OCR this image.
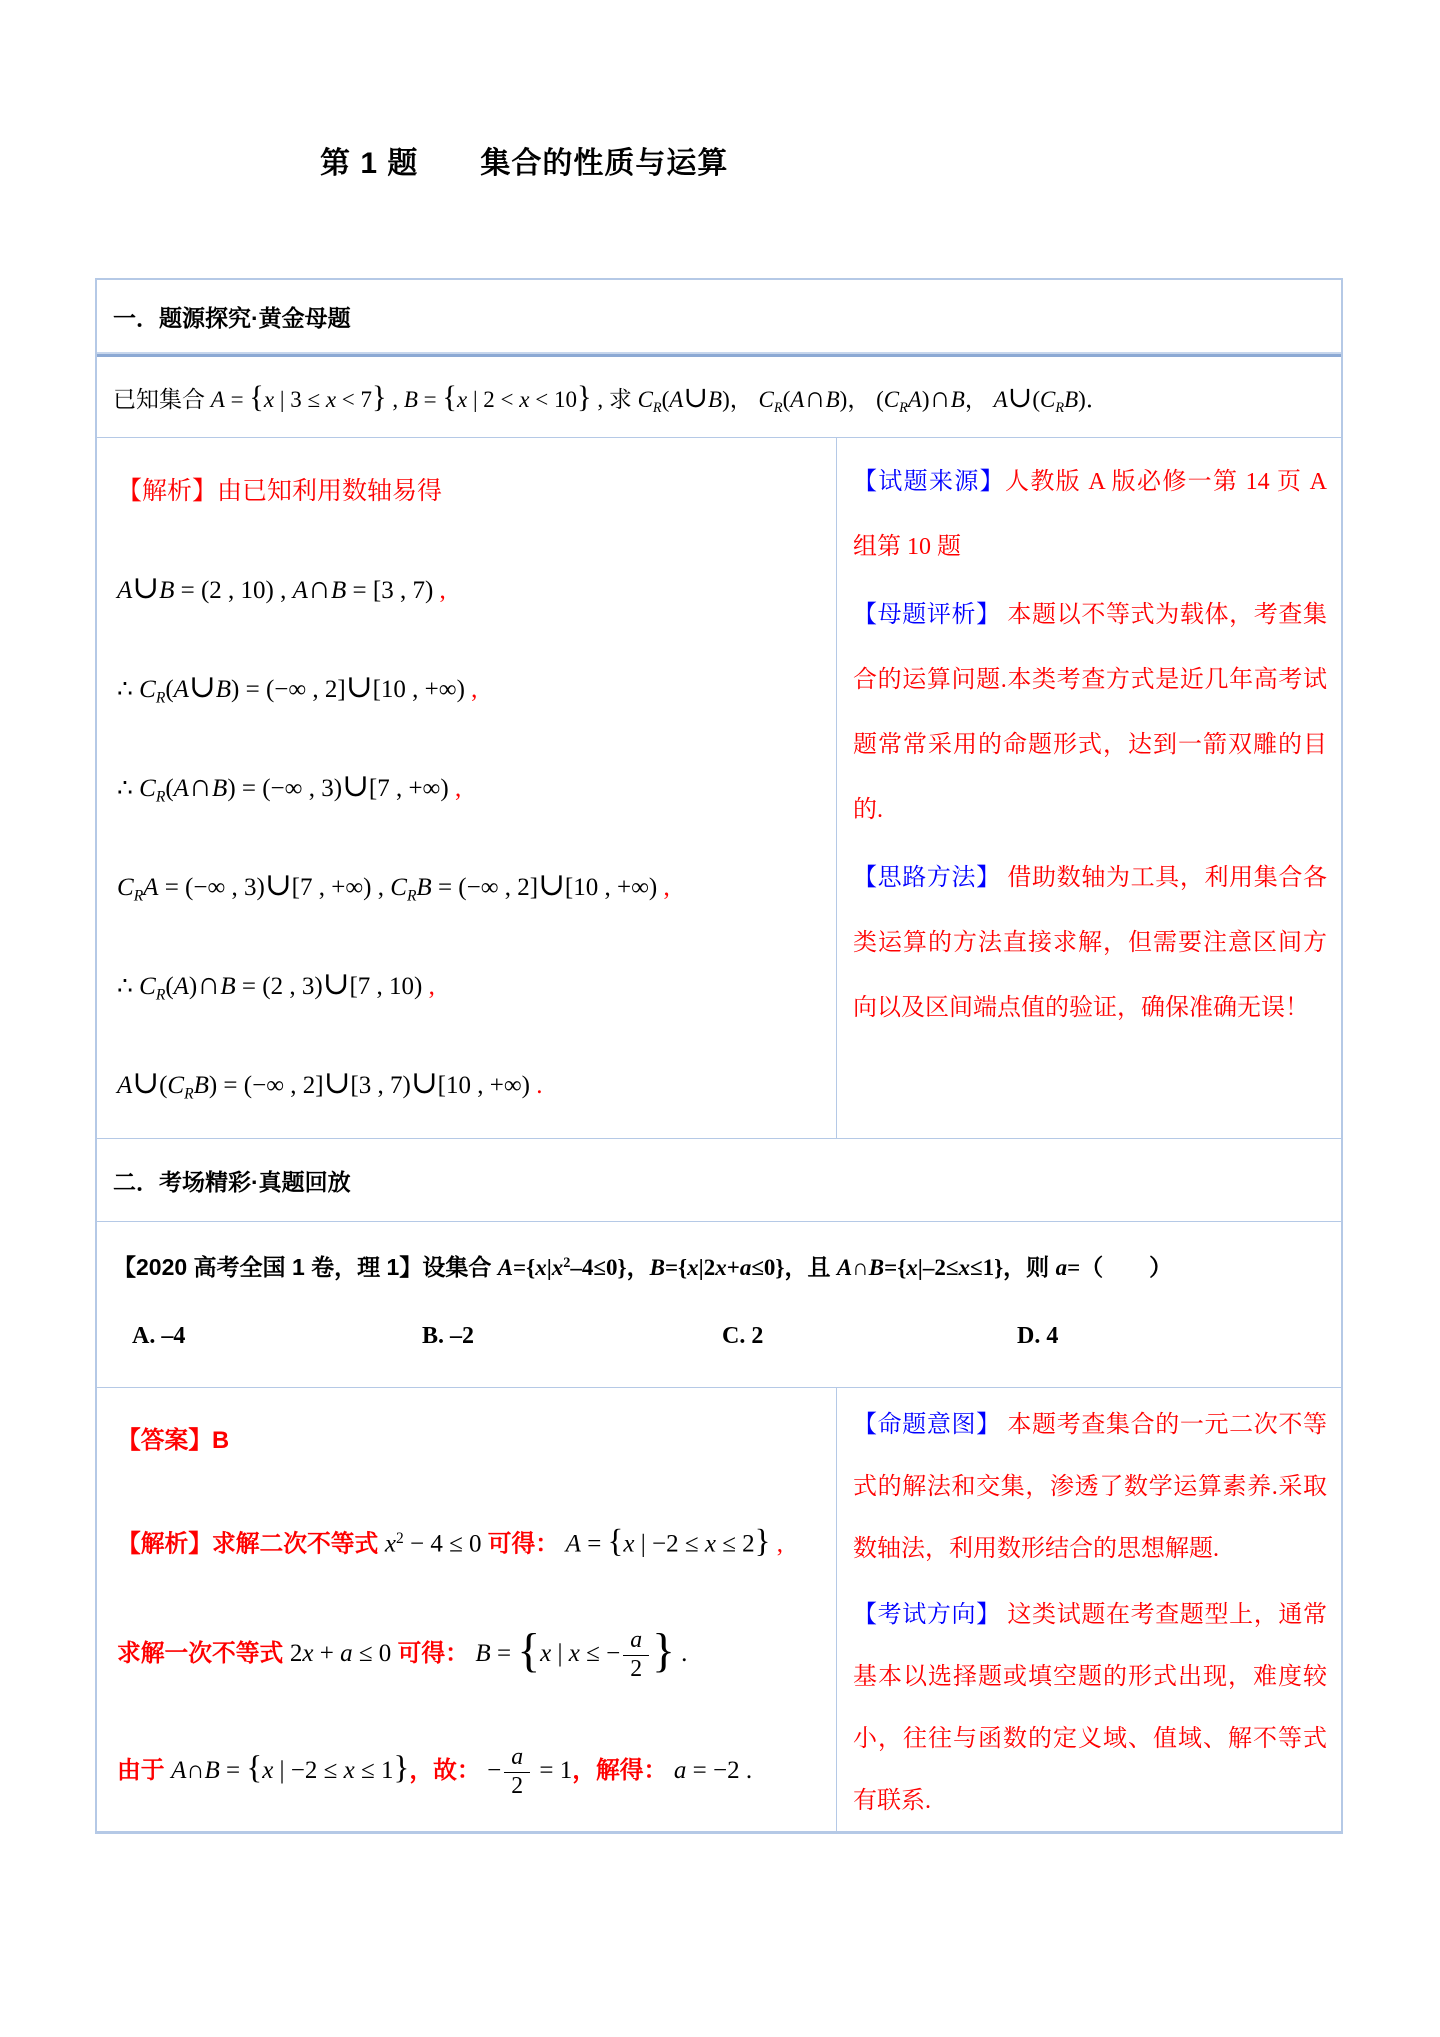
第 1 题　　集合的性质与运算
一．题源探究·黄金母题
已知集合 A = {x | 3 ≤ x < 7} , B = {x | 2 < x < 10} , 求 $C_R(A\cup B)$， $C_R(A\cap B)$， $(C_RA)\cap B$， $A\cup(C_RB)$．
【解析】由已知利用数轴易得
A∪B = (2 , 10) , A∩B = [3 , 7) ,
∴ $C_R(A\cup B)$ = (−∞ , 2]∪[10 , +∞) ,
∴ $C_R(A\cap B)$ = (−∞ , 3)∪[7 , +∞) ,
$C_RA$ = (−∞ , 3)∪[7 , +∞) , $C_RB$ = (−∞ , 2]∪[10 , +∞) ,
∴ $C_R(A)\cap B = (2$ , 3)∪[7 , 10) ,
$A\cup(C_RB)$ = (−∞ , 2]∪[3 , 7)∪[10 , +∞) .
【试题来源】人教版 A 版必修一第 14 页 A 组第 10 题
【母题评析】 本题以不等式为载体，考查集合的运算问题.本类考查方式是近几年高考试题常常采用的命题形式，达到一箭双雕的目的.
【思路方法】 借助数轴为工具，利用集合各类运算的方法直接求解，但需要注意区间方向以及区间端点值的验证，确保准确无误！
二．考场精彩·真题回放
【2020 高考全国 1 卷，理 1】设集合 $A=\{x|x^2-4\le 0\}$，B={x|2x+a≤0}，且 A∩B={x|–2≤x≤1}，则 a=（　　）
A. –4	B. –2	C. 2	D. 4
【答案】B
【解析】求解二次不等式 $x^2 - 4 \le 0$ 可得： A = {x | −2 ≤ x ≤ 2} ,
求解一次不等式 2x + a ≤ 0 可得： B = {x | x ≤ − $\frac{a}{2}$ } .
由于 A∩B = {x | −2 ≤ x ≤ 1}，故： − $\frac{a}{2} = 1$，解得： a = −2 .
【命题意图】 本题考查集合的一元二次不等式的解法和交集，渗透了数学运算素养.采取数轴法，利用数形结合的思想解题.
【考试方向】 这类试题在考查题型上，通常基本以选择题或填空题的形式出现，难度较小，往往与函数的定义域、值域、解不等式有联系.
